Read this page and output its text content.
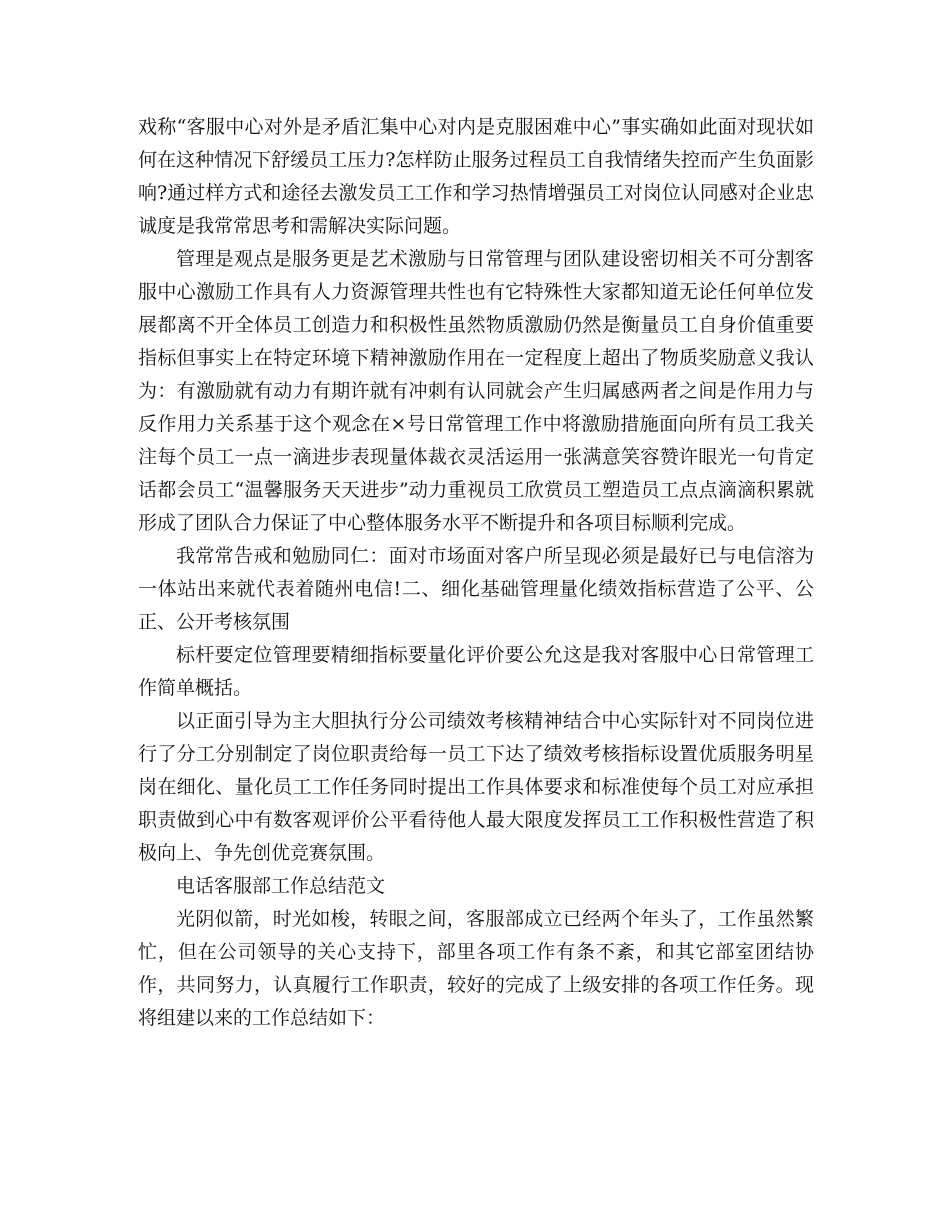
戏称“客服中心对外是矛盾汇集中心对内是克服困难中心”事实确如此面对现状如何在这种情况下舒缓员工压力?怎样防止服务过程员工自我情绪失控而产生负面影响?通过样方式和途径去激发员工工作和学习热情增强员工对岗位认同感对企业忠诚度是我常常思考和需解决实际问题。

管理是观点是服务更是艺术激励与日常管理与团队建设密切相关不可分割客服中心激励工作具有人力资源管理共性也有它特殊性大家都知道无论任何单位发展都离不开全体员工创造力和积极性虽然物质激励仍然是衡量员工自身价值重要指标但事实上在特定环境下精神激励作用在一定程度上超出了物质奖励意义我认为：有激励就有动力有期许就有冲刺有认同就会产生归属感两者之间是作用力与反作用力关系基于这个观念在×号日常管理工作中将激励措施面向所有员工我关注每个员工一点一滴进步表现量体裁衣灵活运用一张满意笑容赞许眼光一句肯定话都会员工“温馨服务天天进步”动力重视员工欣赏员工塑造员工点点滴滴积累就形成了团队合力保证了中心整体服务水平不断提升和各项目标顺利完成。

我常常告戒和勉励同仁：面对市场面对客户所呈现必须是最好已与电信溶为一体站出来就代表着随州电信!二、细化基础管理量化绩效指标营造了公平、公正、公开考核氛围

标杆要定位管理要精细指标要量化评价要公允这是我对客服中心日常管理工作简单概括。

以正面引导为主大胆执行分公司绩效考核精神结合中心实际针对不同岗位进行了分工分别制定了岗位职责给每一员工下达了绩效考核指标设置优质服务明星岗在细化、量化员工工作任务同时提出工作具体要求和标准使每个员工对应承担职责做到心中有数客观评价公平看待他人最大限度发挥员工工作积极性营造了积极向上、争先创优竞赛氛围。

电话客服部工作总结范文

光阴似箭，时光如梭，转眼之间，客服部成立已经两个年头了，工作虽然繁忙，但在公司领导的关心支持下，部里各项工作有条不紊，和其它部室团结协作，共同努力，认真履行工作职责，较好的完成了上级安排的各项工作任务。现将组建以来的工作总结如下：
